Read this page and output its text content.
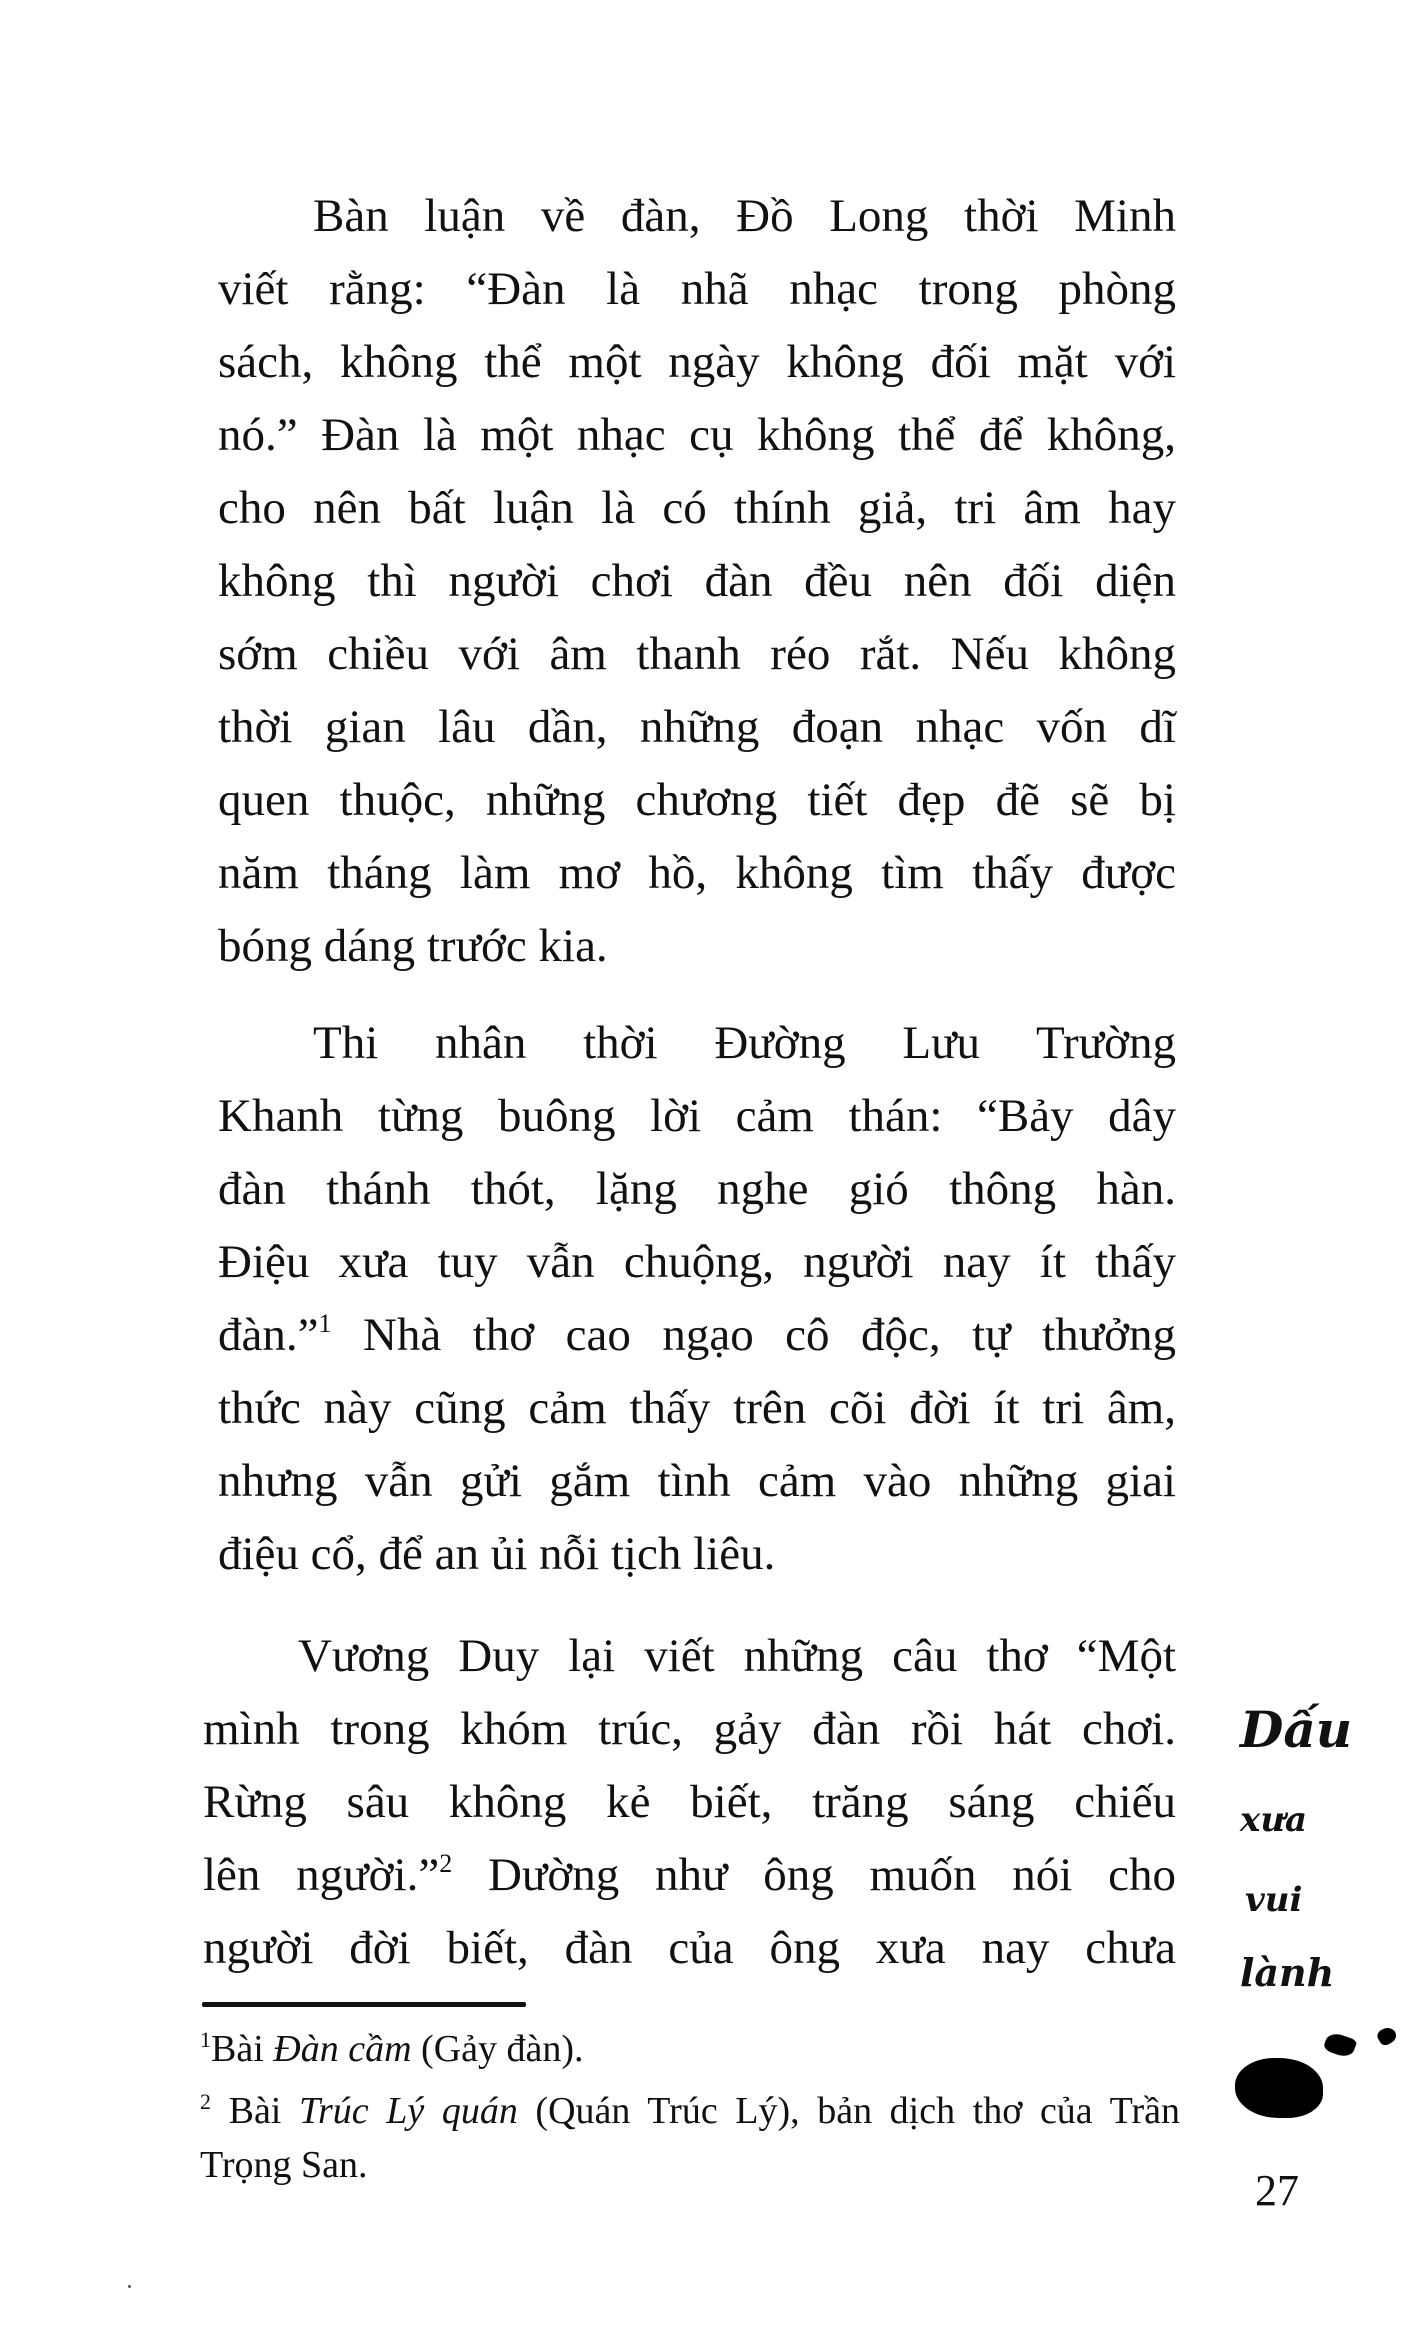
Bàn luận về đàn, Đồ Long thời Minh
viết rằng: “Đàn là nhã nhạc trong phòng
sách, không thể một ngày không đối mặt với
nó.” Đàn là một nhạc cụ không thể để không,
cho nên bất luận là có thính giả, tri âm hay
không thì người chơi đàn đều nên đối diện
sớm chiều với âm thanh réo rắt. Nếu không
thời gian lâu dần, những đoạn nhạc vốn dĩ
quen thuộc, những chương tiết đẹp đẽ sẽ bị
năm tháng làm mơ hồ, không tìm thấy được
bóng dáng trước kia.
Thi nhân thời Đường Lưu Trường
Khanh từng buông lời cảm thán: “Bảy dây
đàn thánh thót, lặng nghe gió thông hàn.
Điệu xưa tuy vẫn chuộng, người nay ít thấy
đàn.”$^1$ Nhà thơ cao ngạo cô độc, tự thưởng
thức này cũng cảm thấy trên cõi đời ít tri âm,
nhưng vẫn gửi gắm tình cảm vào những giai
điệu cổ, để an ủi nỗi tịch liêu.
Vương Duy lại viết những câu thơ “Một
mình trong khóm trúc, gảy đàn rồi hát chơi.
Rừng sâu không kẻ biết, trăng sáng chiếu
lên người.”$^2$ Dường như ông muốn nói cho
người đời biết, đàn của ông xưa nay chưa
$^1$Bài Đàn cầm (Gảy đàn).
$^2$ Bài Trúc Lý quán (Quán Trúc Lý), bản dịch thơ của Trần Trọng San.
Dấu
xưa
vui
lành
27
